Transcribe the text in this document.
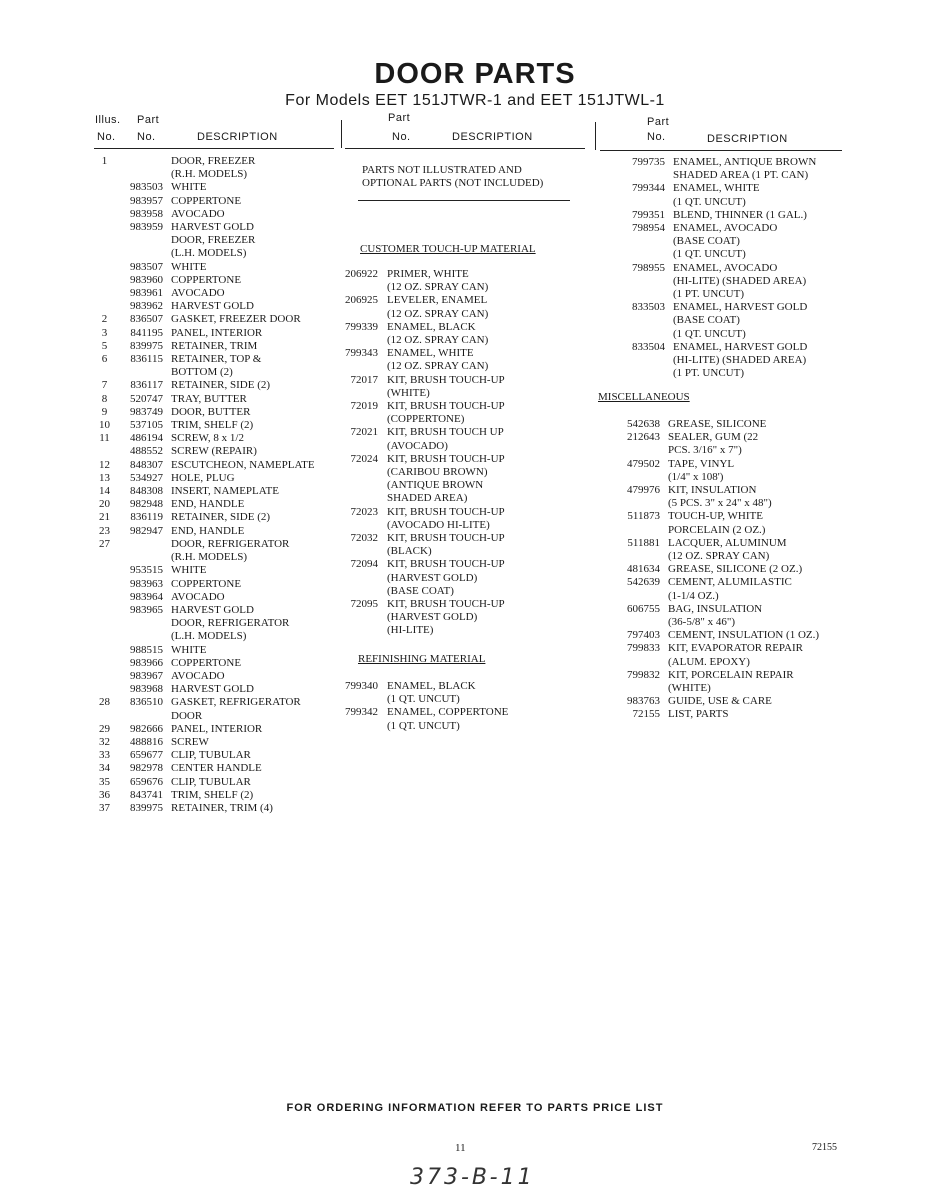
DOOR PARTS
For Models EET 151JTWR-1 and EET 151JTWL-1
Illus. Part
No. No.	DESCRIPTION
Part
No.	DESCRIPTION
Part
No.	DESCRIPTION
1	DOOR, FREEZER
(R.H. MODELS)
983503 WHITE
983957 COPPERTONE
983958 AVOCADO
983959 HARVEST GOLD
DOOR, FREEZER
(L.H. MODELS)
983507 WHITE
983960 COPPERTONE
983961 AVOCADO
983962 HARVEST GOLD
2	836507 GASKET, FREEZER DOOR
3	841195 PANEL, INTERIOR
5	839975 RETAINER, TRIM
6	836115 RETAINER, TOP &
BOTTOM (2)
7	836117 RETAINER, SIDE (2)
8	520747 TRAY, BUTTER
9	983749 DOOR, BUTTER
10	537105 TRIM, SHELF (2)
11	486194 SCREW, 8 x 1/2
488552 SCREW (REPAIR)
12	848307 ESCUTCHEON, NAMEPLATE
13	534927 HOLE, PLUG
14	848308 INSERT, NAMEPLATE
20	982948 END, HANDLE
21	836119 RETAINER, SIDE (2)
23	982947 END, HANDLE
27	DOOR, REFRIGERATOR
(R.H. MODELS)
953515 WHITE
983963 COPPERTONE
983964 AVOCADO
983965 HARVEST GOLD
DOOR, REFRIGERATOR
(L.H. MODELS)
988515 WHITE
983966 COPPERTONE
983967 AVOCADO
983968 HARVEST GOLD
28	836510 GASKET, REFRIGERATOR
DOOR
29	982666 PANEL, INTERIOR
32	488816 SCREW
33	659677 CLIP, TUBULAR
34	982978 CENTER HANDLE
35	659676 CLIP, TUBULAR
36	843741 TRIM, SHELF (2)
37	839975 RETAINER, TRIM (4)
PARTS NOT ILLUSTRATED AND
OPTIONAL PARTS (NOT INCLUDED)
CUSTOMER TOUCH-UP MATERIAL
206922 PRIMER, WHITE
(12 OZ. SPRAY CAN)
206925 LEVELER, ENAMEL
(12 OZ. SPRAY CAN)
799339 ENAMEL, BLACK
(12 OZ. SPRAY CAN)
799343 ENAMEL, WHITE
(12 OZ. SPRAY CAN)
72017 KIT, BRUSH TOUCH-UP
(WHITE)
72019 KIT, BRUSH TOUCH-UP
(COPPERTONE)
72021 KIT, BRUSH TOUCH UP
(AVOCADO)
72024 KIT, BRUSH TOUCH-UP
(CARIBOU BROWN)
(ANTIQUE BROWN
SHADED AREA)
72023 KIT, BRUSH TOUCH-UP
(AVOCADO HI-LITE)
72032 KIT, BRUSH TOUCH-UP
(BLACK)
72094 KIT, BRUSH TOUCH-UP
(HARVEST GOLD)
(BASE COAT)
72095 KIT, BRUSH TOUCH-UP
(HARVEST GOLD)
(HI-LITE)
REFINISHING MATERIAL
799340 ENAMEL, BLACK
(1 QT. UNCUT)
799342 ENAMEL, COPPERTONE
(1 QT. UNCUT)
799735 ENAMEL, ANTIQUE BROWN
SHADED AREA (1 PT. CAN)
799344 ENAMEL, WHITE
(1 QT. UNCUT)
799351 BLEND, THINNER (1 GAL.)
798954 ENAMEL, AVOCADO
(BASE COAT)
(1 QT. UNCUT)
798955 ENAMEL, AVOCADO
(HI-LITE) (SHADED AREA)
(1 PT. UNCUT)
833503 ENAMEL, HARVEST GOLD
(BASE COAT)
(1 QT. UNCUT)
833504 ENAMEL, HARVEST GOLD
(HI-LITE) (SHADED AREA)
(1 PT. UNCUT)
MISCELLANEOUS
542638 GREASE, SILICONE
212643 SEALER, GUM (22
PCS. 3/16" x 7")
479502 TAPE, VINYL
(1/4" x 108')
479976 KIT, INSULATION
(5 PCS. 3" x 24" x 48")
511873 TOUCH-UP, WHITE
PORCELAIN (2 OZ.)
511881 LACQUER, ALUMINUM
(12 OZ. SPRAY CAN)
481634 GREASE, SILICONE (2 OZ.)
542639 CEMENT, ALUMILASTIC
(1-1/4 OZ.)
606755 BAG, INSULATION
(36-5/8" x 46")
797403 CEMENT, INSULATION (1 OZ.)
799833 KIT, EVAPORATOR REPAIR
(ALUM. EPOXY)
799832 KIT, PORCELAIN REPAIR
(WHITE)
983763 GUIDE, USE & CARE
72155 LIST, PARTS
FOR ORDERING INFORMATION REFER TO PARTS PRICE LIST
11	72155
373-B-11
